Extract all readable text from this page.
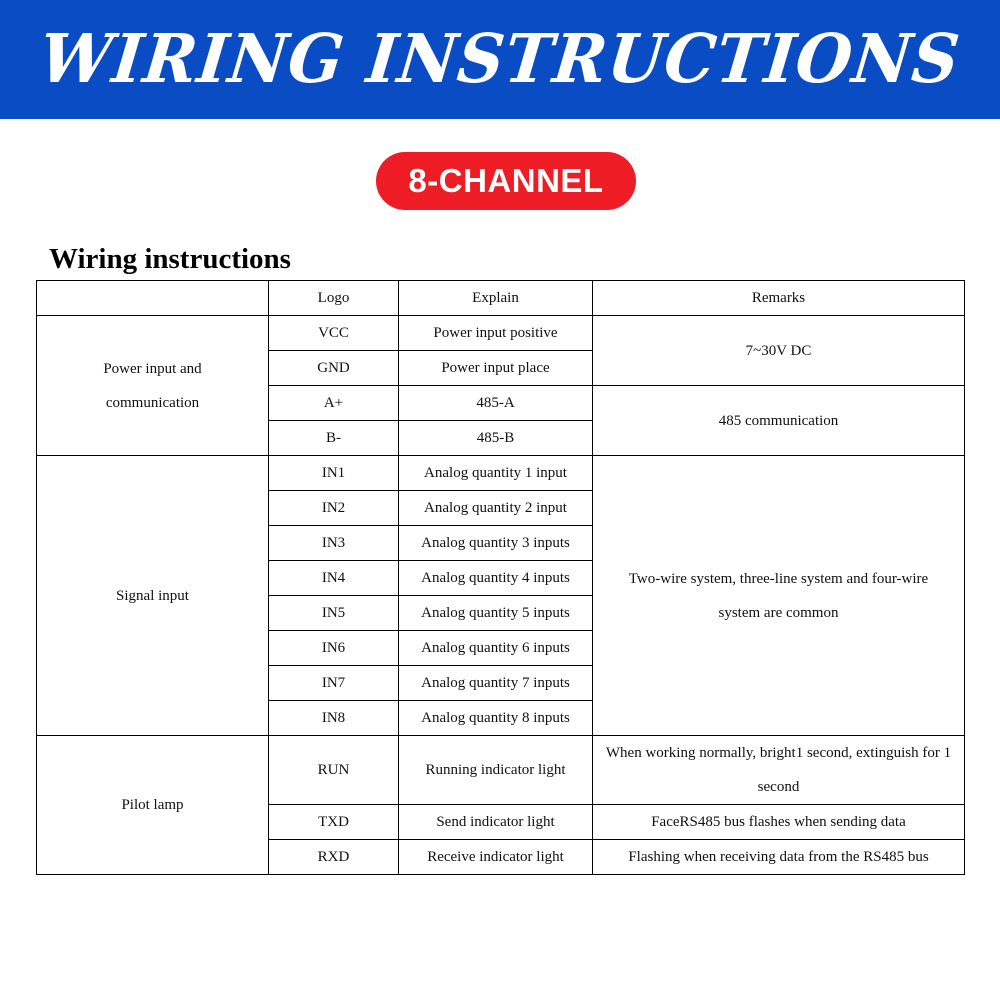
WIRING INSTRUCTIONS
8-CHANNEL
Wiring instructions
	Logo	Explain	Remarks
Power input and communication	VCC	Power input positive	7~30V DC
	GND	Power input place	
	A+	485-A	485 communication
	B-	485-B	
Signal input	IN1	Analog quantity 1 input	Two-wire system, three-line system and four-wire system are common
	IN2	Analog quantity 2 input	
	IN3	Analog quantity 3 inputs	
	IN4	Analog quantity 4 inputs	
	IN5	Analog quantity 5 inputs	
	IN6	Analog quantity 6 inputs	
	IN7	Analog quantity 7 inputs	
	IN8	Analog quantity 8 inputs	
Pilot lamp	RUN	Running indicator light	When working normally, bright1 second, extinguish for 1 second
	TXD	Send indicator light	FaceRS485 bus flashes when sending data
	RXD	Receive indicator light	Flashing when receiving data from the RS485 bus
